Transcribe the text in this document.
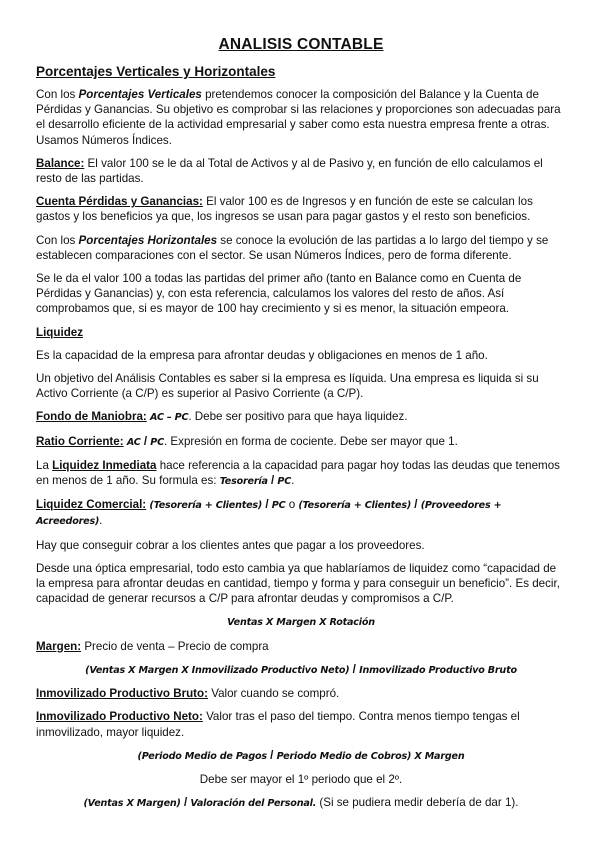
ANALISIS CONTABLE
Porcentajes Verticales y Horizontales

Con los Porcentajes Verticales pretendemos conocer la composición del Balance y la Cuenta de Pérdidas y Ganancias. Su objetivo es comprobar si las relaciones y proporciones son adecuadas para el desarrollo eficiente de la actividad empresarial y saber como esta nuestra empresa frente a otras. Usamos Números Índices.

Balance: El valor 100 se le da al Total de Activos y al de Pasivo y, en función de ello calculamos el resto de las partidas.

Cuenta Pérdidas y Ganancias: El valor 100 es de Ingresos y en función de este se calculan los gastos y los beneficios ya que, los ingresos se usan para pagar gastos y el resto son beneficios.

Con los Porcentajes Horizontales se conoce la evolución de las partidas a lo largo del tiempo y se establecen comparaciones con el sector. Se usan Números Índices, pero de forma diferente.

Se le da el valor 100 a todas las partidas del primer año (tanto en Balance como en Cuenta de Pérdidas y Ganancias) y, con esta referencia, calculamos los valores del resto de años. Así comprobamos que, si es mayor de 100 hay crecimiento y si es menor, la situación empeora.

Liquidez

Es la capacidad de la empresa para afrontar deudas y obligaciones en menos de 1 año.

Un objetivo del Análisis Contables es saber si la empresa es líquida. Una empresa es liquida si su Activo Corriente (a C/P) es superior al Pasivo Corriente (a C/P).

Fondo de Maniobra: AC – PC. Debe ser positivo para que haya liquidez.

Ratio Corriente: AC / PC. Expresión en forma de cociente. Debe ser mayor que 1.

La Liquidez Inmediata hace referencia a la capacidad para pagar hoy todas las deudas que tenemos en menos de 1 año. Su formula es: Tesorería / PC.

Liquidez Comercial: (Tesorería + Clientes) / PC o (Tesorería + Clientes) / (Proveedores + Acreedores).

Hay que conseguir cobrar a los clientes antes que pagar a los proveedores.

Desde una óptica empresarial, todo esto cambia ya que hablaríamos de liquidez como “capacidad de la empresa para afrontar deudas en cantidad, tiempo y forma y para conseguir un beneficio”. Es decir, capacidad de generar recursos a C/P para afrontar deudas y compromisos a C/P.

Ventas X Margen X Rotación

Margen: Precio de venta – Precio de compra

(Ventas X Margen X Inmovilizado Productivo Neto) / Inmovilizado Productivo Bruto

Inmovilizado Productivo Bruto: Valor cuando se compró.

Inmovilizado Productivo Neto: Valor tras el paso del tiempo. Contra menos tiempo tengas el inmovilizado, mayor liquidez.

(Periodo Medio de Pagos / Periodo Medio de Cobros) X Margen

Debe ser mayor el 1º periodo que el 2º.

(Ventas X Margen) / Valoración del Personal. (Si se pudiera medir debería de dar 1).
